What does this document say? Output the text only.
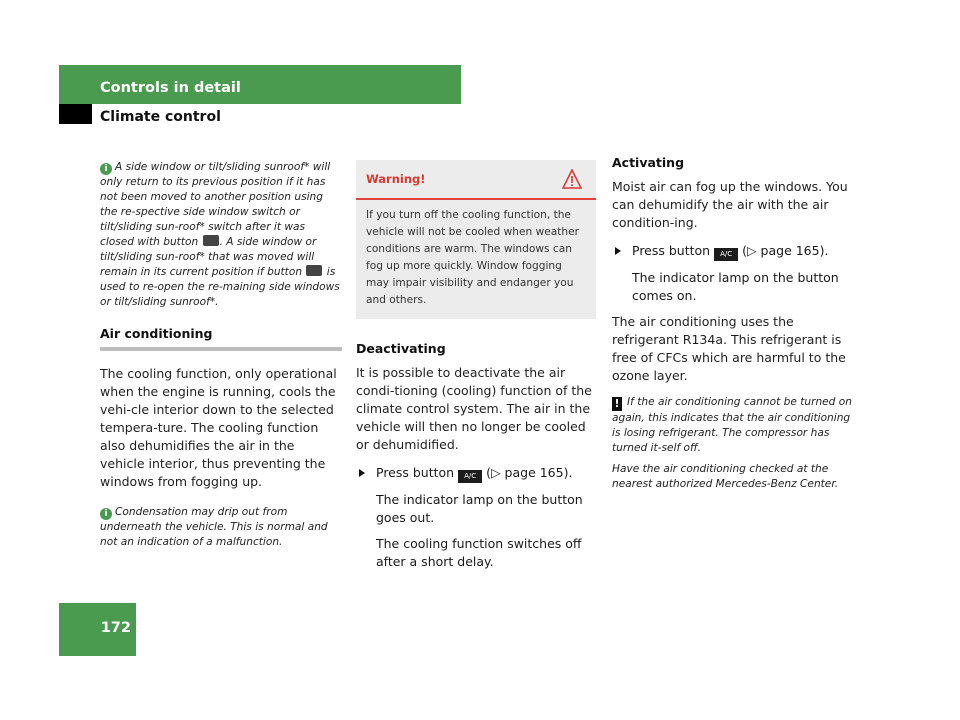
Controls in detail
Climate control
i A side window or tilt/sliding sunroof* will only return to its previous position if it has not been moved to another position using the re-spective side window switch or tilt/sliding sun-roof* switch after it was closed with button . A side window or tilt/sliding sun-roof* that was moved will remain in its current position if button is used to re-open the re-maining side windows or tilt/sliding sunroof*.
Air conditioning
The cooling function, only operational when the engine is running, cools the vehi-cle interior down to the selected tempera-ture. The cooling function also dehumidifies the air in the vehicle interior, thus preventing the windows from fogging up.
i Condensation may drip out from underneath the vehicle. This is normal and not an indication of a malfunction.
Warning!
If you turn off the cooling function, the vehicle will not be cooled when weather conditions are warm. The windows can fog up more quickly. Window fogging may impair visibility and endanger you and others.
Deactivating
It is possible to deactivate the air condi-tioning (cooling) function of the climate control system. The air in the vehicle will then no longer be cooled or dehumidified.
Press button A/C (▷ page 165).
The indicator lamp on the button goes out.
The cooling function switches off after a short delay.
Activating
Moist air can fog up the windows. You can dehumidify the air with the air condition-ing.
Press button A/C (▷ page 165).
The indicator lamp on the button comes on.
The air conditioning uses the refrigerant R134a. This refrigerant is free of CFCs which are harmful to the ozone layer.
! If the air conditioning cannot be turned on again, this indicates that the air conditioning is losing refrigerant. The compressor has turned it-self off.
Have the air conditioning checked at the nearest authorized Mercedes-Benz Center.
172
